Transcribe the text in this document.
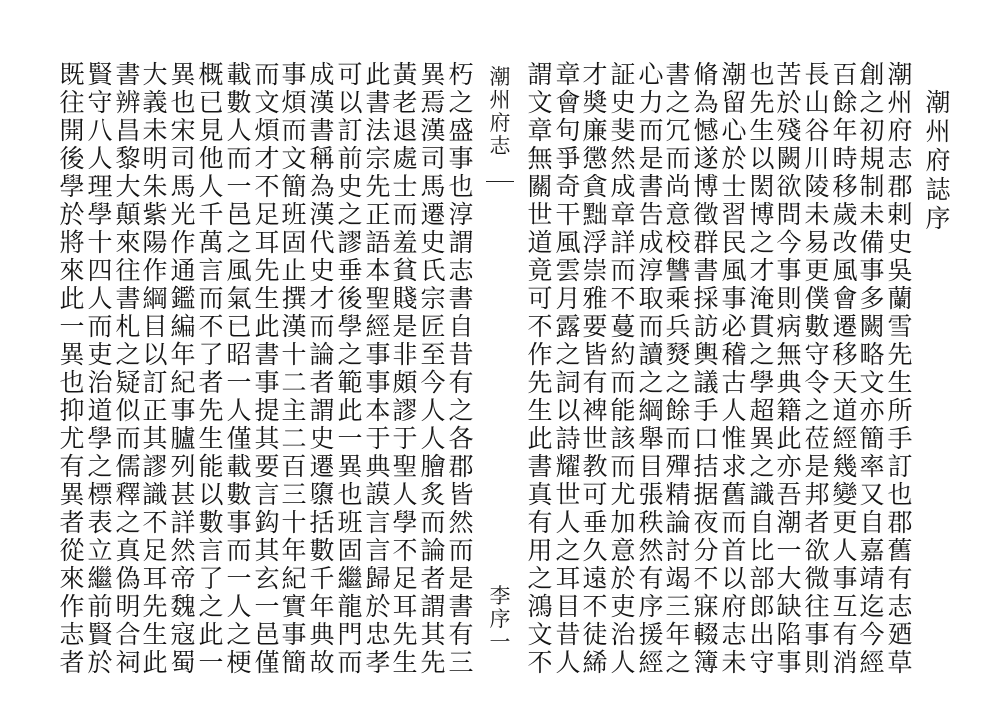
潮州府誌序
潮州府志郡剌史吳蘭雪先生所手訂也郡舊有志廼草
創之初規制未備事多闕略文亦簡率又自嘉靖迄今經
百餘年時移歲改風會遷移天道經幾變更人事互有消
長山谷川陵未易更僕數守令之莅是邦者欲微往事則
苦於殘闕欲問今事則病無典籍此亦吾潮一大缺陷事
也先生以閎博之才淹貫之學超異之識自比部郎出守
潮留心於士習民風事必稽古人惟求舊而首以府志未
脩為憾遂博徵群書採訪輿議手口拮据夜分不寐輟簿
書之冗而尚意校讐乘兵燹之餘而殫精論討竭三年之
心力而是書告成淳取而讀之綱舉目張秩然有序援經
証史斐然成章詳而不蔓約而能該而尤加意於吏治人
才奬廉懲貪黜浮崇雅要皆有裨世教可垂久遠不徒絺
章會句爭奇干風雲月露之詞以詩耀世人之耳目昔人
謂文章無關世道竟可不作先生此書真有用之鴻文不
潮州府志
李序一
朽之盛事也淳謂志書自昔有之各郡皆然而是書有三
異焉漢司馬遷史氏宗匠至今人人膾炙而論者謂其先
黃老退處士而羞貧賤是非頗謬于聖人學不足耳先生
此書法宗先正語本聖經事事本于典謨言言歸於忠孝
可以訂前史之謬垂後學之範此一異也班固繼龍門而
成漢書稱為漢代史才而論者謂史遷隳括數千年典故
事煩而文簡班固止撰漢十二主二百三十年紀實事簡
而文煩才不足耳先生此書事提其要言鈎其玄一邑僅
載數人而一邑之風氣已昭一人僅載數事而一人之梗
概已見他人千萬言而不了者先生能以數言了之此一
異也宋司馬光作通鑑編年紀事臚列甚詳然帝魏寇蜀
大義未明朱紫陽作綱目以訂正其謬識不足耳先生此
書辨昌黎大顛來往書札之疑似而儒釋之真偽明合祠
賢守八人理學十四人而吏治道學之標表立繼前賢於
既往開後學於將來此一異也抑尤有異者從來作志者
